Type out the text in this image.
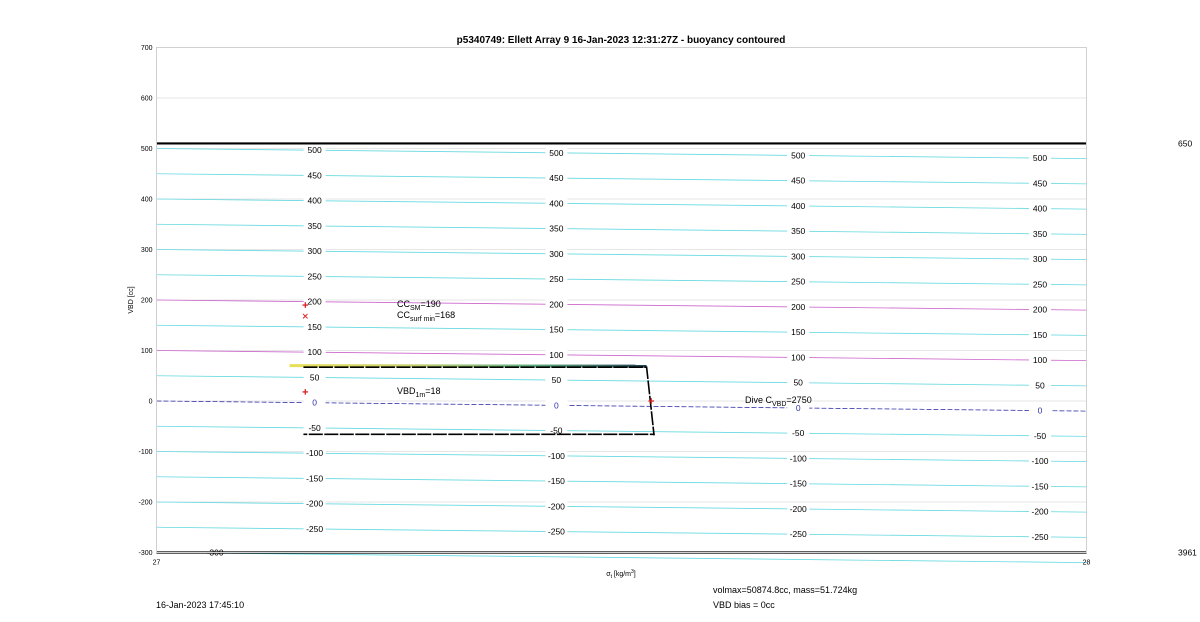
500
450
400
350
300
250
200
150
100
50
0
-50
-100
-150
-200
-250
500
450
400
350
300
250
200
150
100
50
0
-50
-100
-150
-200
-250
500
450
400
350
300
250
200
150
100
50
0
-50
-100
-150
-200
-250
500
450
400
350
300
250
200
150
100
50
0
-50
-100
-150
-200
-250
-300
700
600
500
400
300
200
100
0
-100
-200
-300
27	28
650
3961
p5340749: Ellett Array 9 16-Jan-2023 12:31:27Z - buoyancy contoured
VBD [cc]
$\sigma_t$ $[kg/m^3]$
$CC_{SM}=190$
$CC_{surf min}=168$
$VBD_{1m}=18$
Dive $C_{VBD}=2750$
16-Jan-2023 17:45:10
volmax=50874.8cc, mass=51.724kg
VBD bias = 0cc
